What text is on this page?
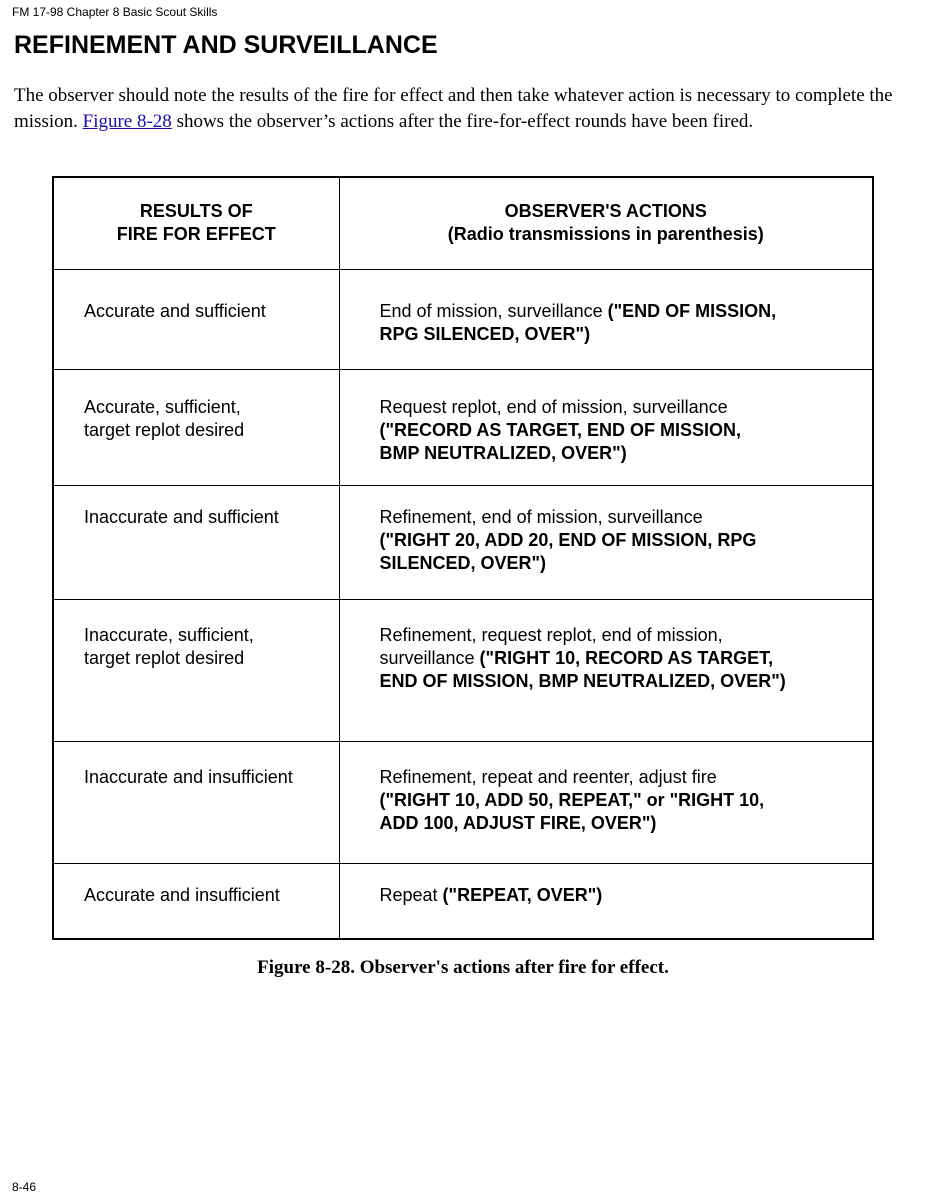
FM 17-98 Chapter 8 Basic Scout Skills
REFINEMENT AND SURVEILLANCE

The observer should note the results of the fire for effect and then take whatever action is necessary to complete the mission. Figure 8-28 shows the observer’s actions after the fire-for-effect rounds have been fired.

RESULTS OF
FIRE FOR EFFECT	OBSERVER'S ACTIONS
(Radio transmissions in parenthesis)

Accurate and sufficient	End of mission, surveillance ("END OF MISSION,
RPG SILENCED, OVER")

Accurate, sufficient,
target replot desired	Request replot, end of mission, surveillance
("RECORD AS TARGET, END OF MISSION,
BMP NEUTRALIZED, OVER")

Inaccurate and sufficient	Refinement, end of mission, surveillance
("RIGHT 20, ADD 20, END OF MISSION, RPG
SILENCED, OVER")

Inaccurate, sufficient,
target replot desired	Refinement, request replot, end of mission,
surveillance ("RIGHT 10, RECORD AS TARGET,
END OF MISSION, BMP NEUTRALIZED, OVER")

Inaccurate and insufficient	Refinement, repeat and reenter, adjust fire
("RIGHT 10, ADD 50, REPEAT," or "RIGHT 10,
ADD 100, ADJUST FIRE, OVER")

Accurate and insufficient	Repeat ("REPEAT, OVER")

Figure 8-28. Observer's actions after fire for effect.

8-46
